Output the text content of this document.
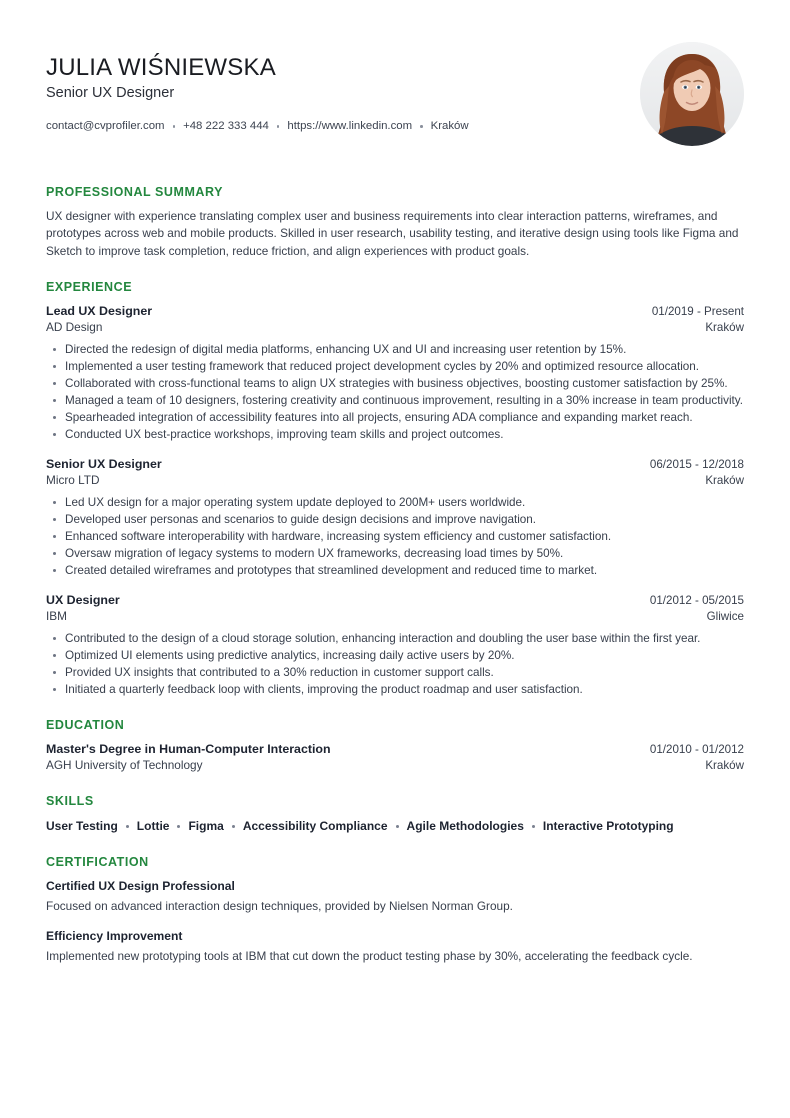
JULIA WIŚNIEWSKA
Senior UX Designer
contact@cvprofiler.com +48 222 333 444 https://www.linkedin.com Kraków
PROFESSIONAL SUMMARY

UX designer with experience translating complex user and business requirements into clear interaction patterns, wireframes, and prototypes across web and mobile products. Skilled in user research, usability testing, and iterative design using tools like Figma and Sketch to improve task completion, reduce friction, and align experiences with product goals.

EXPERIENCE
Lead UX Designer	01/2019 - Present
AD Design	Kraków
Directed the redesign of digital media platforms, enhancing UX and UI and increasing user retention by 15%.
Implemented a user testing framework that reduced project development cycles by 20% and optimized resource allocation.
Collaborated with cross-functional teams to align UX strategies with business objectives, boosting customer satisfaction by 25%.
Managed a team of 10 designers, fostering creativity and continuous improvement, resulting in a 30% increase in team productivity.
Spearheaded integration of accessibility features into all projects, ensuring ADA compliance and expanding market reach.
Conducted UX best-practice workshops, improving team skills and project outcomes.
Senior UX Designer	06/2015 - 12/2018
Micro LTD	Kraków
Led UX design for a major operating system update deployed to 200M+ users worldwide.
Developed user personas and scenarios to guide design decisions and improve navigation.
Enhanced software interoperability with hardware, increasing system efficiency and customer satisfaction.
Oversaw migration of legacy systems to modern UX frameworks, decreasing load times by 50%.
Created detailed wireframes and prototypes that streamlined development and reduced time to market.
UX Designer	01/2012 - 05/2015
IBM	Gliwice
Contributed to the design of a cloud storage solution, enhancing interaction and doubling the user base within the first year.
Optimized UI elements using predictive analytics, increasing daily active users by 20%.
Provided UX insights that contributed to a 30% reduction in customer support calls.
Initiated a quarterly feedback loop with clients, improving the product roadmap and user satisfaction.
EDUCATION
Master's Degree in Human-Computer Interaction	01/2010 - 01/2012
AGH University of Technology	Kraków
SKILLS
User Testing Lottie Figma Accessibility Compliance Agile Methodologies Interactive Prototyping
CERTIFICATION
Certified UX Design Professional
Focused on advanced interaction design techniques, provided by Nielsen Norman Group.
Efficiency Improvement
Implemented new prototyping tools at IBM that cut down the product testing phase by 30%, accelerating the feedback cycle.
